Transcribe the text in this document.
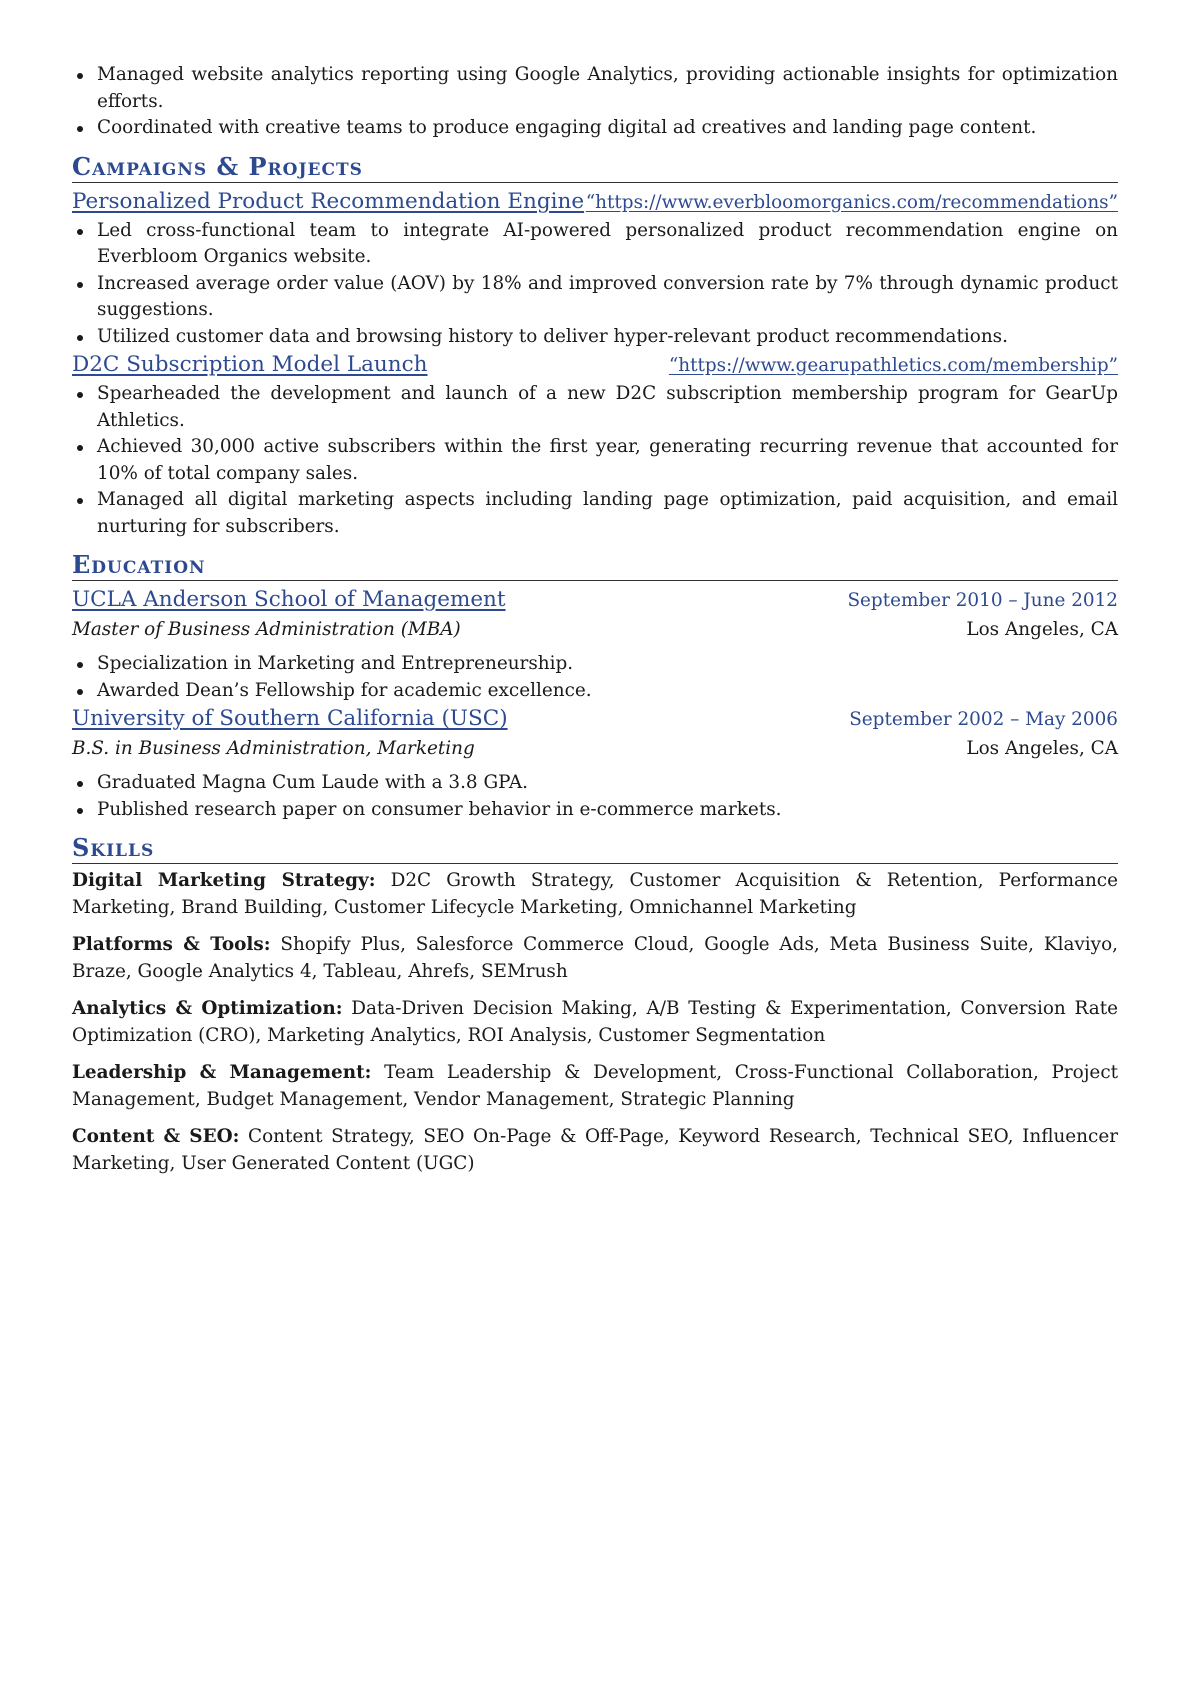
Managed website analytics reporting using Google Analytics, providing actionable insights for optimization efforts.
Coordinated with creative teams to produce engaging digital ad creatives and landing page content.
Campaigns & Projects
Personalized Product Recommendation Engine “https://www.everbloomorganics.com/recommendations”
Led cross-functional team to integrate AI-powered personalized product recommendation engine on Everbloom Organics website.
Increased average order value (AOV) by 18% and improved conversion rate by 7% through dynamic product suggestions.
Utilized customer data and browsing history to deliver hyper-relevant product recommendations.
D2C Subscription Model Launch	“https://www.gearupathletics.com/membership”
Spearheaded the development and launch of a new D2C subscription membership program for GearUp Athletics.
Achieved 30,000 active subscribers within the first year, generating recurring revenue that accounted for 10% of total company sales.
Managed all digital marketing aspects including landing page optimization, paid acquisition, and email nurturing for subscribers.
Education
UCLA Anderson School of Management	September 2010 – June 2012
Master of Business Administration (MBA)	Los Angeles, CA
Specialization in Marketing and Entrepreneurship.
Awarded Dean’s Fellowship for academic excellence.
University of Southern California (USC)	September 2002 – May 2006
B.S. in Business Administration, Marketing	Los Angeles, CA
Graduated Magna Cum Laude with a 3.8 GPA.
Published research paper on consumer behavior in e-commerce markets.
Skills

Digital Marketing Strategy: D2C Growth Strategy, Customer Acquisition & Retention, Performance Marketing, Brand Building, Customer Lifecycle Marketing, Omnichannel Marketing

Platforms & Tools: Shopify Plus, Salesforce Commerce Cloud, Google Ads, Meta Business Suite, Klaviyo, Braze, Google Analytics 4, Tableau, Ahrefs, SEMrush

Analytics & Optimization: Data-Driven Decision Making, A/B Testing & Experimentation, Conversion Rate Optimization (CRO), Marketing Analytics, ROI Analysis, Customer Segmentation

Leadership & Management: Team Leadership & Development, Cross-Functional Collaboration, Project Management, Budget Management, Vendor Management, Strategic Planning

Content & SEO: Content Strategy, SEO On-Page & Off-Page, Keyword Research, Technical SEO, Influencer Marketing, User Generated Content (UGC)
